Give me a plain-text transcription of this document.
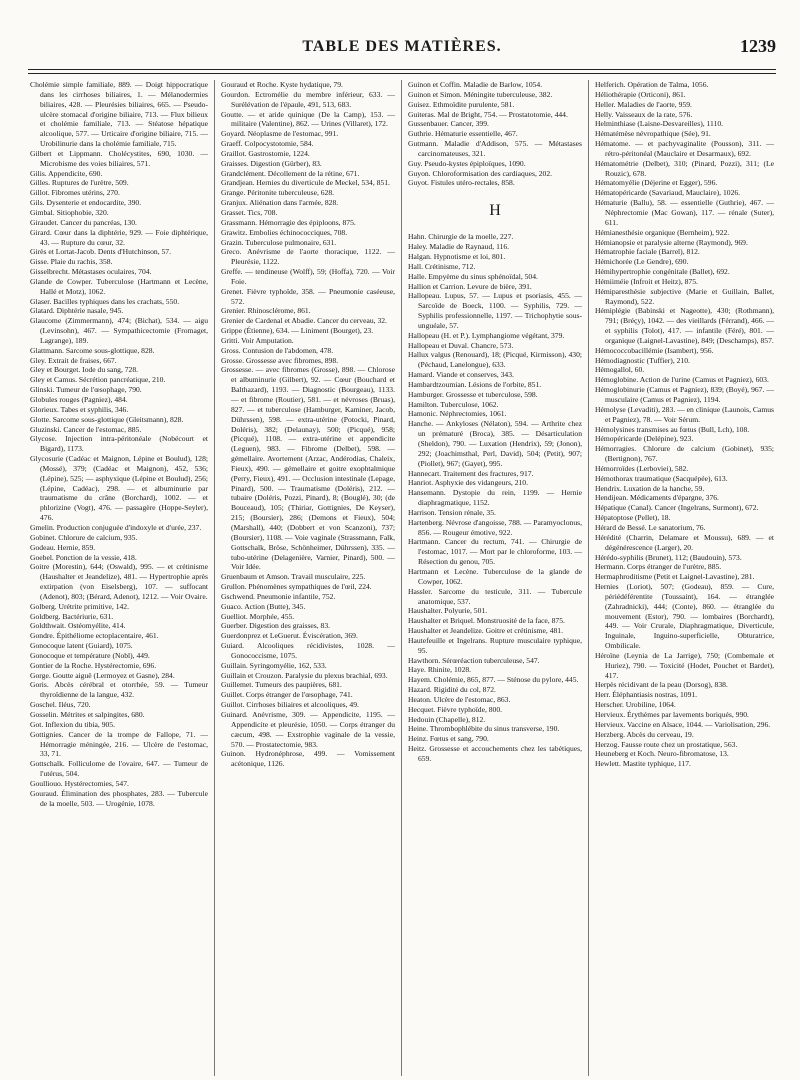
TABLE DES MATIÈRES.	1239
Cholémie simple familiale, 889. — Doigt hippocratique dans les cirrhoses biliaires, 1. — Mélanodermies biliaires, 428. — Pleurésies biliaires, 665. — Pseudo-ulcère stomacal d'origine biliaire, 713. — Flux bilieux et cholémie familiale, 713. — Stéatose hépatique alcoolique, 577. — Urticaire d'origine biliaire, 715. — Urobilinurie dans la cholémie familiale, 715.
Gilbert et Lippmann. Cholécystites, 690, 1030. — Microbisme des voies biliaires, 571.
Gilis. Appendicite, 690.
Gilles. Ruptures de l'urètre, 509.
Gillot. Fibromes utérins, 270.
Gils. Dysenterie et endocardite, 390.
Gimbal. Sitiophobie, 320.
Giraudet. Cancer du pancréas, 130.
Girard. Cœur dans la diphtérie, 929. — Foie diphtérique, 43. — Rupture du cœur, 32.
Girès et Lortat-Jacob. Dents d'Hutchinson, 57.
Gisse. Plaie du rachis, 358.
Gisselbrecht. Métastases oculaires, 704.
Glande de Cowper. Tuberculose (Hartmann et Lecène, Hallé et Motz), 1062.
Glaser. Bacilles typhiques dans les crachats, 550.
Glatard. Diphtérie nasale, 945.
Glaucome (Zimmermann), 474; (Bichat), 534. — aigu (Levinsohn), 467. — Sympathicectomie (Fromaget, Lagrange), 189.
Glattmann. Sarcome sous-glottique, 828.
Gley. Extrait de fraises, 667.
Gley et Bourget. Iode du sang, 728.
Gley et Camus. Sécrétion pancréatique, 210.
Glinski. Tumeur de l'œsophage, 790.
Globules rouges (Pagniez), 484.
Glorieux. Tabes et syphilis, 346.
Glotte. Sarcome sous-glottique (Gleitsmann), 828.
Gluzinski. Cancer de l'estomac, 885.
Glycose. Injection intra-péritonéale (Nobécourt et Bigard), 1173.
Glycosurie (Cadéac et Maignon, Lépine et Boulud), 128; (Mossé), 379; (Cadéac et Maignon), 452, 536; (Lépine), 525; — asphyxique (Lépine et Boulud), 256; (Lépine, Cadéac), 298. — et albuminurie par traumatisme du crâne (Borchard), 1002. — et phlorizine (Vogt), 476. — passagère (Hoppe-Seyler), 476.
Gmelin. Production conjuguée d'indoxyle et d'urée, 237.
Gobinet. Chlorure de calcium, 935.
Godeau. Hernie, 859.
Goebel. Ponction de la vessie, 418.
Goitre (Morestin), 644; (Oswald), 995. — et crétinisme (Haushalter et Jeandelize), 481. — Hypertrophie après extirpation (von Eiselsberg), 107. — suffocant (Adenot), 803; (Bérard, Adenot), 1212. — Voir Ovaire.
Golberg. Urétrite primitive, 142.
Goldberg. Bactériurie, 631.
Goldthwait. Ostéomyélite, 414.
Gondre. Épithéliome ectoplacentaire, 461.
Gonocoque latent (Guiard), 1075.
Gonocoque et température (Nobl), 449.
Gontier de la Roche. Hystérectomie, 696.
Gorge. Goutte aiguë (Lermoyez et Gasne), 284.
Goris. Abcès cérébral et otorrhée, 59. — Tumeur thyroïdienne de la langue, 432.
Goschel. Iléus, 720.
Gosselin. Métrites et salpingites, 680.
Got. Inflexion du tibia, 905.
Gottignies. Cancer de la trompe de Fallope, 71. — Hémorragie méningée, 216. — Ulcère de l'estomac, 33, 71.
Gottschalk. Folliculome de l'ovaire, 647. — Tumeur de l'utérus, 504.
Goulliouo. Hystérectomies, 547.
Gouraud. Élimination des phosphates, 283. — Tubercule de la moelle, 503. — Urogénie, 1078.
Gouraud et Roche. Kyste hydatique, 79.
Gourdon. Ectromélie du membre inférieur, 633. — Surélévation de l'épaule, 491, 513, 683.
Goutte. — et aride quinique (De la Camp), 153. — militaire (Valentine), 862. — Urines (Villaret), 172.
Goyard. Néoplasme de l'estomac, 991.
Graeff. Colpocystotomie, 584.
Graillot. Gastrostomie, 1224.
Graisses. Digestion (Gürber), 83.
Grandclément. Décollement de la rétine, 671.
Grandjean. Hernies du diverticule de Meckel, 534, 851.
Grange. Péritonite tuberculeuse, 628.
Granjux. Aliénation dans l'armée, 828.
Grasset. Tics, 708.
Grassmann. Hémorragie des épiploons, 875.
Grawitz. Embolies échinococciques, 708.
Grazin. Tuberculose pulmonaire, 631.
Greco. Anévrisme de l'aorte thoracique, 1122. — Pleurésie, 1122.
Greffe. — tendineuse (Wolff), 59; (Hoffa), 720. — Voir Foie.
Grenet. Fièvre typhoïde, 358. — Pneumonie caséeuse, 572.
Grenier. Rhinosclérome, 861.
Grenier de Cardenal et Abadie. Cancer du cerveau, 32.
Grippe (Étienne), 634. — Liniment (Bourget), 23.
Gritti. Voir Amputation.
Gross. Contusion de l'abdomen, 478.
Grosse. Grossesse avec fibromes, 898.
Grossesse. — avec fibromes (Grosse), 898. — Chlorose et albuminurie (Gilbert), 92. — Cœur (Bouchard et Balthazard), 1193. — Diagnostic (Bourgeau), 1133. — et fibrome (Routier), 581. — et névroses (Bruas), 827. — et tuberculose (Hamburger, Kaminer, Jacob, Dührssen), 598. — extra-utérine (Potocki, Pinard, Doléris), 382; (Delaunay), 500; (Picqué), 958; (Picqué), 1108. — extra-utérine et appendicite (Leguen), 983. — Fibrome (Delbet), 598. — gémellaire. Avortement (Arzac, Andérodias, Chaleix, Fieux), 490. — gémellaire et goitre exophtalmique (Perry, Fieux), 491. — Occlusion intestinale (Lepage, Pinard), 500. — Traumatisme (Doléris), 212. — tubaire (Doléris, Pozzi, Pinard), 8; (Bouglé), 30; (de Bouceaud), 105; (Thiriar, Gottignies, De Keyser), 215; (Boursier), 286; (Demons et Fieux), 504; (Marshall), 440; (Dobbert et von Scanzoni), 737; (Boursier), 1108. — Voie vaginale (Strassmann, Falk, Gottschalk, Bröse, Schönheimer, Dührssen), 335. — tubo-utérine (Delagenière, Varnier, Pinard), 500. — Voir Idée.
Gruenbaum et Amson. Travail musculaire, 225.
Grullon. Phénomènes sympathiques de l'œil, 224.
Gschwend. Pneumonie infantile, 752.
Guaco. Action (Butte), 345.
Guelliot. Morphée, 455.
Guerber. Digestion des graisses, 83.
Guerdonprez et LeGuerut. Éviscération, 369.
Guiard. Alcooliques récidivistes, 1028. — Gonococcisme, 1075.
Guillain. Syringomyélie, 162, 533.
Guillain et Crouzon. Paralysie du plexus brachial, 693.
Guillemet. Tumeurs des paupières, 681.
Guillet. Corps étranger de l'œsophage, 741.
Guillot. Cirrhoses biliaires et alcooliques, 49.
Guinard. Anévrisme, 309. — Appendicite, 1195. — Appendicite et pleurésie, 1050. — Corps étranger du cæcum, 498. — Exstrophie vaginale de la vessie, 570. — Prostatectomie, 983.
Guinon. Hydronéphrose, 499. — Vomissement acétonique, 1126.
Guinon et Coffin. Maladie de Barlow, 1054.
Guinon et Simon. Méningite tuberculeuse, 382.
Guisez. Ethmoïdite purulente, 581.
Guiteras. Mal de Bright, 754. — Prostatotomie, 444.
Gussenbauer. Cancer, 399.
Guthrie. Hématurie essentielle, 467.
Gutmann. Maladie d'Addison, 575. — Métastases carcinomateuses, 321.
Guy. Pseudo-kystes épiploïques, 1090.
Guyon. Chloroformisation des cardiaques, 202.
Guyot. Fistules utéro-rectales, 858.
H
Hahn. Chirurgie de la moelle, 227.
Haley. Maladie de Raynaud, 116.
Halgan. Hypnotisme et loi, 801.
Hall. Crétinisme, 712.
Halle. Empyème du sinus sphénoïdal, 504.
Hallion et Carrion. Levure de bière, 391.
Hallopeau. Lupus, 57. — Lupus et psoriasis, 455. — Sarcoïde de Boeck, 1100. — Syphilis, 729. — Syphilis professionnelle, 1197. — Trichophytie sous-unguéale, 57.
Hallopeau (H. et P.). Lymphangiome végétant, 379.
Hallopeau et Duval. Chancre, 573.
Hallux valgus (Renouard), 18; (Picqué, Kirmisson), 430; (Péchaud, Lanelongue), 633.
Hamard. Viande et conserves, 343.
Hambardtzoumian. Lésions de l'orbite, 851.
Hamburger. Grossesse et tuberculose, 598.
Hamilton. Tuberculose, 1062.
Hamonic. Néphrectomies, 1061.
Hanche. — Ankyloses (Nélaton), 594. — Arthrite chez un prématuré (Broca), 385. — Désarticulation (Sheldon), 790. — Luxation (Hendrix), 59; (Jonon), 292; (Joachimsthal, Perl, David), 504; (Petit), 907; (Piollet), 967; (Gayet), 995.
Hannecart. Traitement des fractures, 917.
Hanriot. Asphyxie des vidangeurs, 210.
Hansemann. Dystopie du rein, 1199. — Hernie diaphragmatique, 1152.
Harrison. Tension rénale, 35.
Hartenberg. Névrose d'angoisse, 788. — Paramyoclonus, 856. — Rougeur émotive, 922.
Hartmann. Cancer du rectum, 741. — Chirurgie de l'estomac, 1017. — Mort par le chloroforme, 103. — Résection du genou, 705.
Hartmann et Lecène. Tuberculose de la glande de Cowper, 1062.
Hassler. Sarcome du testicule, 311. — Tubercule anatomique, 537.
Haushalter. Polyurie, 501.
Haushalter et Briquel. Monstruosité de la face, 875.
Haushalter et Jeandelize. Goitre et crétinisme, 481.
Hautefeuille et Ingelrans. Rupture musculaire typhique, 95.
Hawthorn. Sérœréaction tuberculeuse, 547.
Haye. Rhinite, 1028.
Hayem. Cholémie, 865, 877. — Sténose du pylore, 445.
Hazard. Rigidité du col, 872.
Heaton. Ulcère de l'estomac, 863.
Hecquet. Fièvre typhoïde, 800.
Hedouin (Chapelle), 812.
Heine. Thrombophlébite du sinus transverse, 190.
Heinz. Fœtus et sang, 790.
Heitz. Grossesse et accouchements chez les tabétiques, 659.
Helferich. Opération de Talma, 1056.
Héliothérapie (Orticoni), 861.
Heller. Maladies de l'aorte, 959.
Helly. Vaisseaux de la rate, 576.
Helminthiase (Laisne-Desvareilles), 1110.
Hématémèse névropathique (Sée), 91.
Hématome. — et pachyvaginalite (Pousson), 311. — rétro-péritonéal (Mauclaire et Desarmaux), 692.
Hématométrie (Delbet), 310; (Pinard, Pozzi), 311; (Le Rouzic), 678.
Hématomyélie (Déjerine et Egger), 596.
Hématopéricarde (Savariaud, Mauclaire), 1026.
Hématurie (Ballu), 58. — essentielle (Guthrie), 467. — Néphrectomie (Mac Gowan), 117. — rénale (Suter), 611.
Hémianesthésie organique (Bernheim), 922.
Hémianopsie et paralysie alterne (Raymond), 969.
Hématrophie faciale (Barrel), 812.
Hémichorée (Le Gendre), 690.
Hémihypertrophie congénitale (Ballet), 692.
Hémiiméie (Infroit et Heitz), 875.
Hémiparesthésie subjective (Marie et Guillain, Ballet, Raymond), 522.
Hémiplégie (Babinski et Nageotte), 430; (Rothmann), 791; (Bréçy), 1042. — des vieillards (Férrand), 466. — et syphilis (Tolot), 417. — infantile (Féré), 801. — organique (Laignel-Lavastine), 849; (Deschamps), 857.
Hémococcobacillémie (Isambert), 956.
Hémodiagnostic (Tuffier), 210.
Hémogallol, 60.
Hémoglobine. Action de l'urine (Camus et Pagniez), 603.
Hémoglobinurie (Camus et Pagniez), 839; (Boyé), 967. — musculaire (Camus et Pagniez), 1194.
Hémolyse (Levaditi), 283. — en clinique (Launois, Camus et Pagniez), 78. — Voir Sérum.
Hémolysines transmises au fœtus (Bull, Lch), 108.
Hémopéricarde (Delépine), 923.
Hémorragies. Chlorure de calcium (Gobinet), 935; (Bertignon), 767.
Hémorroïdes (Lerboviei), 582.
Hémothorax traumatique (Sacquépée), 613.
Hendrix. Luxation de la hanche, 59.
Hendijean. Médicaments d'épargne, 376.
Hépatique (Canal). Cancer (Ingelrans, Surmont), 672.
Hépatoptose (Pellet), 18.
Hérard de Bessé. Le sanatorium, 76.
Hérédité (Charrin, Delamare et Moussu), 689. — et dégénérescence (Larger), 20.
Hérédo-syphilis (Brunet), 112; (Baudouin), 573.
Hermann. Corps étranger de l'urètre, 885.
Hermaphroditisme (Petit et Laignel-Lavastine), 281.
Hernies (Loriot), 507; (Godeau), 859. — Cure, périédéférentite (Toussaint), 164. — étranglée (Zahradnicki), 444; (Conte), 860. — étranglée du mouvement (Estor), 790. — lombaires (Borchardt), 449. — Voir Crurale, Diaphragmatique, Diverticule, Inguinale, Inguino-superficielle, Obturatrice, Ombilicale.
Héroïne (Leynia de La Jarrige), 750; (Combemale et Huriez), 790. — Toxicité (Hodet, Pouchet et Bardet), 417.
Herpès récidivant de la peau (Dorsog), 838.
Herr. Éléphantiasis nostras, 1091.
Herscher. Urobiline, 1064.
Hervieux. Érythèmes par lavements boriqués, 990.
Hervieux. Vaccine en Alsace, 1044. — Variolisation, 296.
Herzberg. Abcès du cerveau, 19.
Herzog. Fausse route chez un prostatique, 563.
Heuneberg et Koch. Neuro-fibromatose, 13.
Hewlett. Mastite typhique, 117.
